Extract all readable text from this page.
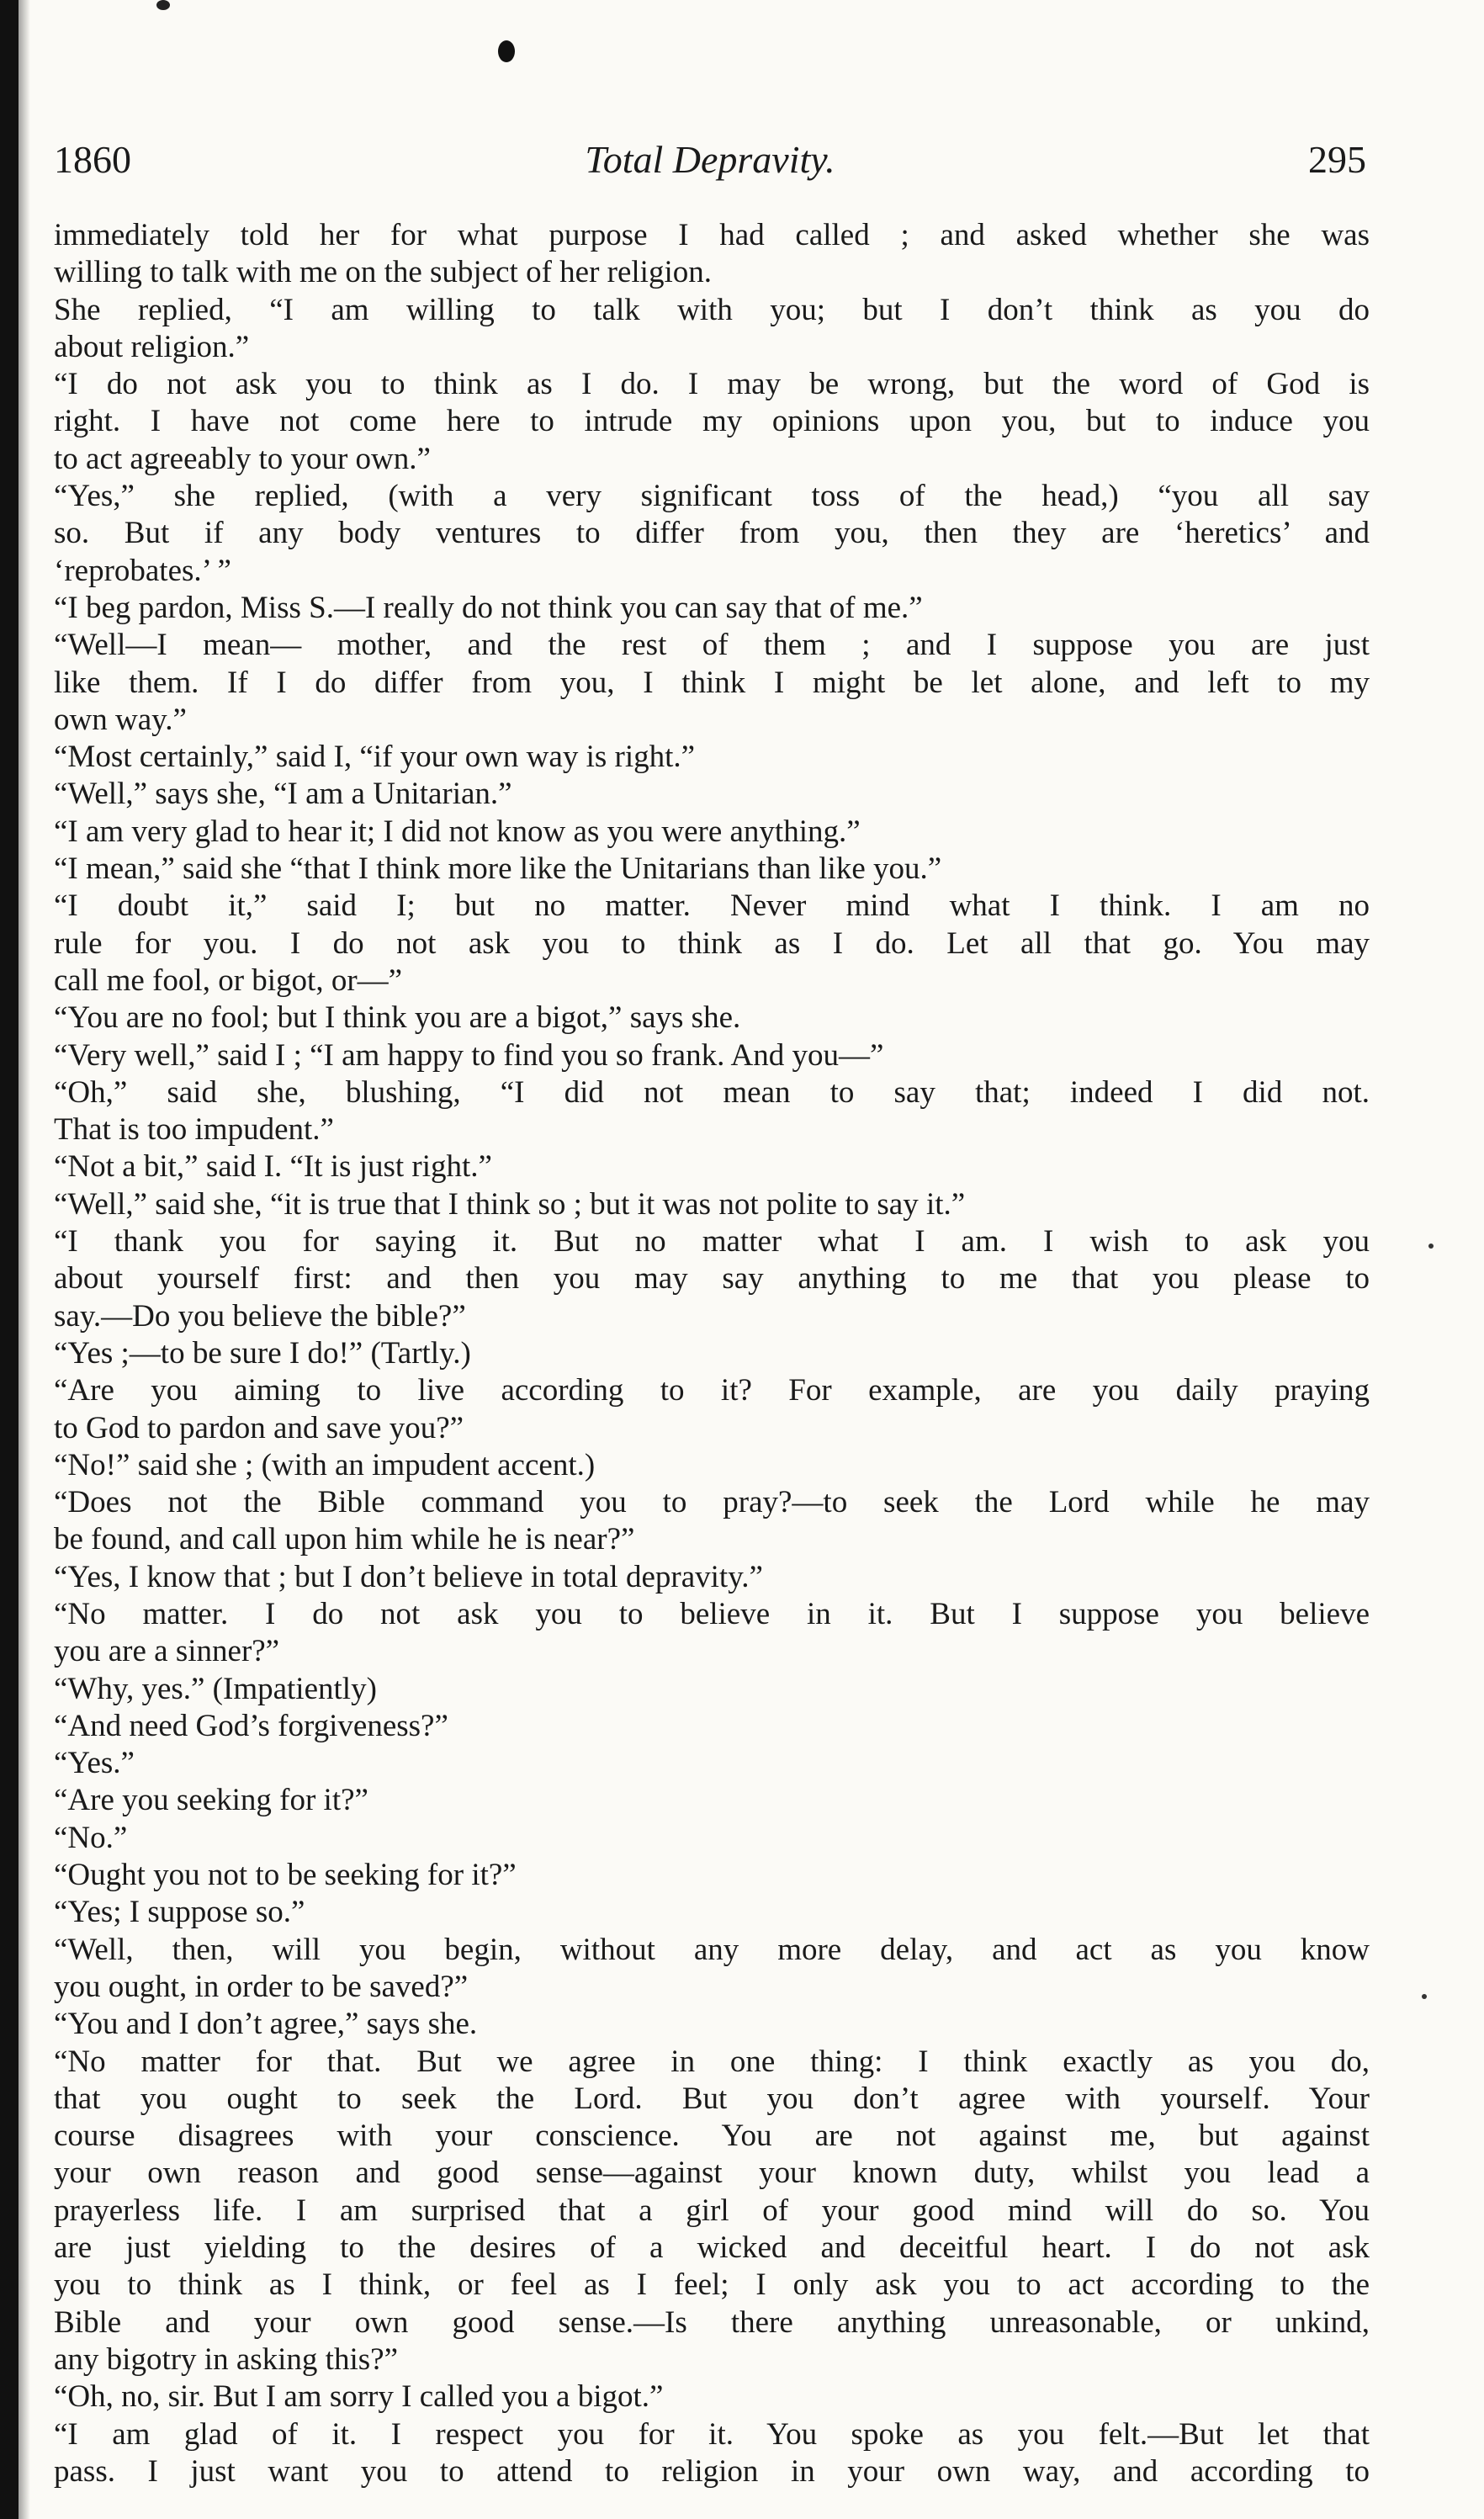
Total Depravity.
1860	295
immediately told her for what purpose I had called ; and asked whether she was
willing to talk with me on the subject of her religion.
She replied, “I am willing to talk with you; but I don’t think as you do
about religion.”
“I do not ask you to think as I do. I may be wrong, but the word of God is
right. I have not come here to intrude my opinions upon you, but to induce you
to act agreeably to your own.”
“Yes,” she replied, (with a very significant toss of the head,) “you all say
so. But if any body ventures to differ from you, then they are ‘heretics’ and
‘reprobates.’ ”
“I beg pardon, Miss S.—I really do not think you can say that of me.”
“Well—I mean— mother, and the rest of them ; and I suppose you are just
like them. If I do differ from you, I think I might be let alone, and left to my
own way.”
“Most certainly,” said I, “if your own way is right.”
“Well,” says she, “I am a Unitarian.”
“I am very glad to hear it; I did not know as you were anything.”
“I mean,” said she “that I think more like the Unitarians than like you.”
“I doubt it,” said I; but no matter. Never mind what I think. I am no
rule for you. I do not ask you to think as I do. Let all that go. You may
call me fool, or bigot, or—”
“You are no fool; but I think you are a bigot,” says she.
“Very well,” said I ; “I am happy to find you so frank. And you—”
“Oh,” said she, blushing, “I did not mean to say that; indeed I did not.
That is too impudent.”
“Not a bit,” said I. “It is just right.”
“Well,” said she, “it is true that I think so ; but it was not polite to say it.”
“I thank you for saying it. But no matter what I am. I wish to ask you
about yourself first: and then you may say anything to me that you please to
say.—Do you believe the bible?”
“Yes ;—to be sure I do!” (Tartly.)
“Are you aiming to live according to it? For example, are you daily praying
to God to pardon and save you?”
“No!” said she ; (with an impudent accent.)
“Does not the Bible command you to pray?—to seek the Lord while he may
be found, and call upon him while he is near?”
“Yes, I know that ; but I don’t believe in total depravity.”
“No matter. I do not ask you to believe in it. But I suppose you believe
you are a sinner?”
“Why, yes.” (Impatiently)
“And need God’s forgiveness?”
“Yes.”
“Are you seeking for it?”
“No.”
“Ought you not to be seeking for it?”
“Yes; I suppose so.”
“Well, then, will you begin, without any more delay, and act as you know
you ought, in order to be saved?”
“You and I don’t agree,” says she.
“No matter for that. But we agree in one thing: I think exactly as you do,
that you ought to seek the Lord. But you don’t agree with yourself. Your
course disagrees with your conscience. You are not against me, but against
your own reason and good sense—against your known duty, whilst you lead a
prayerless life. I am surprised that a girl of your good mind will do so. You
are just yielding to the desires of a wicked and deceitful heart. I do not ask
you to think as I think, or feel as I feel; I only ask you to act according to the
Bible and your own good sense.—Is there anything unreasonable, or unkind,
any bigotry in asking this?”
“Oh, no, sir. But I am sorry I called you a bigot.”
“I am glad of it. I respect you for it. You spoke as you felt.—But let that
pass. I just want you to attend to religion in your own way, and according to
